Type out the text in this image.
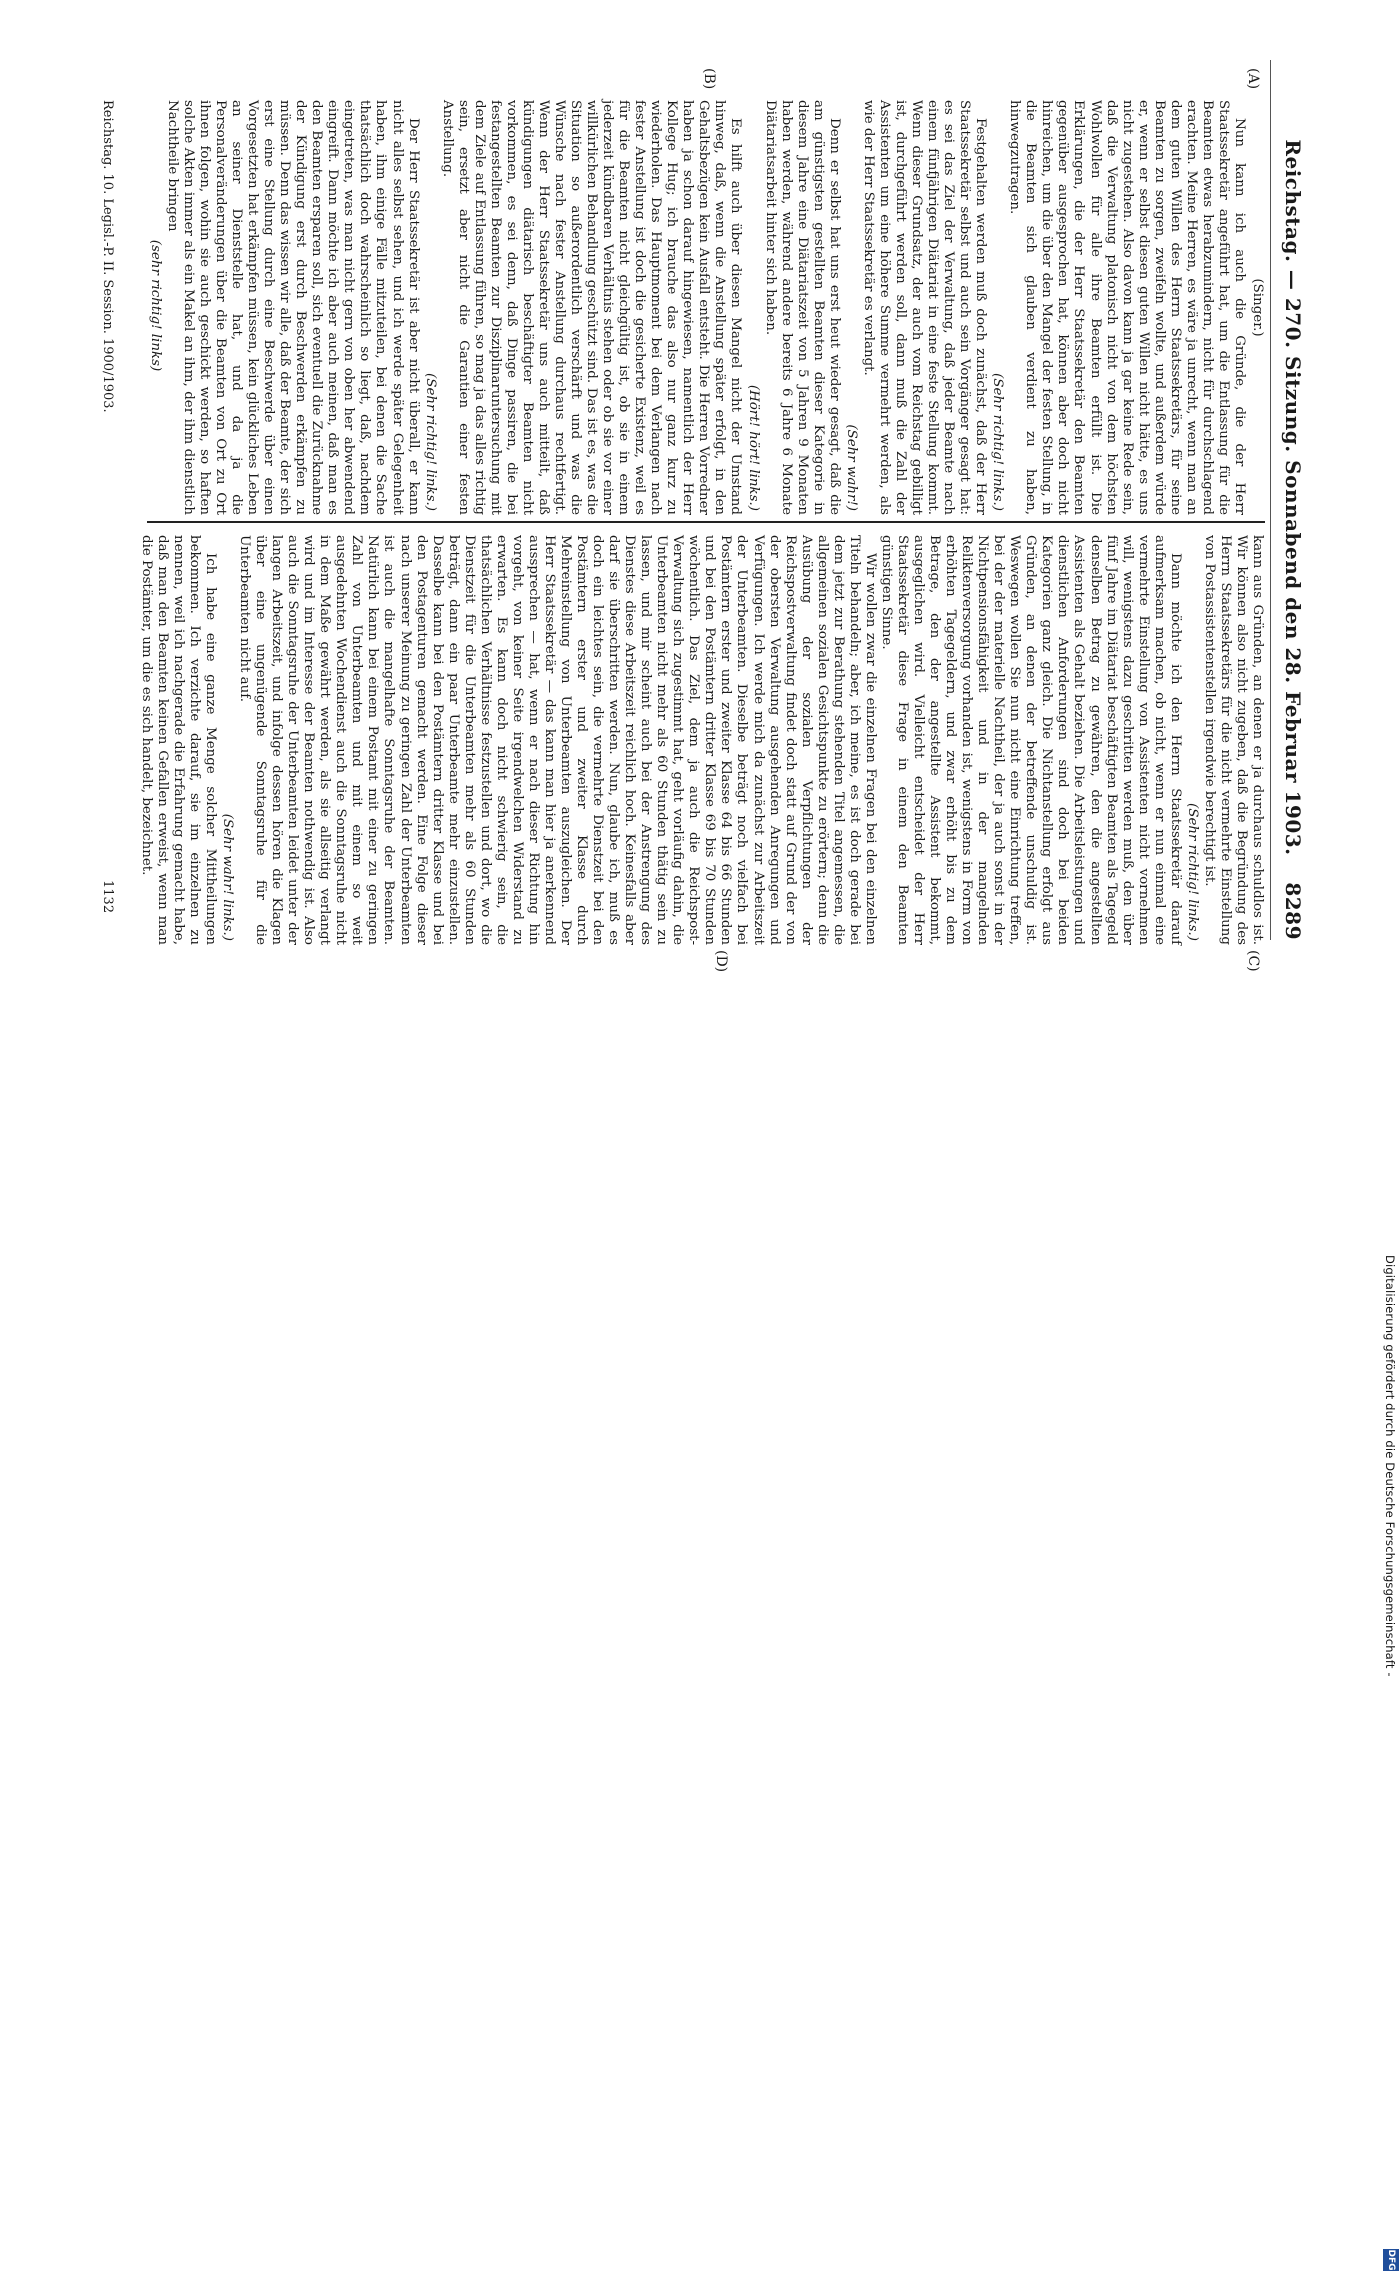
Reichstag. — 270. Sitzung. Sonnabend den 28. Februar 1903.
8289
(A)
(B)
(C)
(D)
(Singer.)

Nun kann ich auch die Gründe, die der Herr Staatssekretär angeführt hat, um die Entlassung für die Beamten etwas herabzumindern, nicht für durchschlagend erachten. Meine Herren, es wäre ja unrecht, wenn man an dem guten Willen des Herrn Staatssekretärs, für seine Beamten zu sorgen, zweifeln wollte, und außerdem würde er, wenn er selbst diesen guten Willen nicht hätte, es uns nicht zugestehen. Also davon kann ja gar keine Rede sein, daß die Verwaltung platonisch nicht von dem höchsten Wohlwollen für alle ihre Beamten erfüllt ist. Die Erklärungen, die der Herr Staatssekretär den Beamten gegenüber ausgesprochen hat, können aber doch nicht hinreichen, um die über den Mangel der festen Stellung, in die Beamten sich glauben verdient zu haben, hinwegzutragen.

(Sehr richtig! links.)

Festgehalten werden muß doch zunächst, daß der Herr Staatssekretär selbst und auch sein Vorgänger gesagt hat: es sei das Ziel der Verwaltung, daß jeder Beamte nach einem fünfjährigen Diätariat in eine feste Stellung kommt. Wenn dieser Grundsatz, der auch vom Reichstag gebilligt ist, durchgeführt werden soll, dann muß die Zahl der Assistenten um eine höhere Summe vermehrt werden, als wie der Herr Staatssekretär es verlangt.

(Sehr wahr!)

Denn er selbst hat uns erst heut wieder gesagt, daß die am günstigsten gestellten Beamten dieser Kategorie in diesem Jahre eine Diätariatszeit von 5 Jahren 9 Monaten haben werden, während andere bereits 6 Jahre 6 Monate Diätariatsarbeit hinter sich haben.

(Hört! hört! links.)

Es hilft auch über diesen Mangel nicht der Umstand hinweg, daß, wenn die Anstellung später erfolgt, in den Gehaltsbezügen kein Ausfall entsteht. Die Herren Vorredner haben ja schon darauf hingewiesen, namentlich der Herr Kollege Hug; ich brauche das also nur ganz kurz zu wiederholen. Das Hauptmoment bei dem Verlangen nach fester Anstellung ist doch die gesicherte Existenz, weil es für die Beamten nicht gleichgültig ist, ob sie in einem jederzeit kündbaren Verhältnis stehen oder ob sie vor einer willkürlichen Behandlung geschützt sind. Das ist es, was die Situation so außerordentlich verschärft und was die Wünsche nach fester Anstellung durchaus rechtfertigt. Wenn der Herr Staatssekretär uns auch mitteilt, daß kündigungen diätarisch beschäftigter Beamten nicht vorkommen, es sei denn, daß Dinge passiren, die bei festangestellten Beamten zur Disziplinaruntersuchung mit dem Ziele auf Entlassung führen, so mag ja das alles richtig sein, ersetzt aber nicht die Garantien einer festen Anstellung.

(Sehr richtig! links.)

Der Herr Staatssekretär ist aber nicht überall, er kann nicht alles selbst sehen, und ich werde später Gelegenheit haben, ihm einige Fälle mitzuteilen, bei denen die Sache thatsächlich doch wahrscheinlich so liegt, daß, nachdem eingetreten, was man nicht gern von oben her abwendend eingreift. Dann möchte ich aber auch meinen, daß man es den Beamten ersparen soll, sich eventuell die Zurücknahme der Kündigung erst durch Beschwerden erkämpfen zu müssen. Denn das wissen wir alle, daß der Beamte, der sich erst eine Stellung durch eine Beschwerde über einen Vorgesetzten hat erkämpfen müssen, kein glückliches Leben an seiner Dienststelle hat, und da ja die Personalveränderungen über die Beamten von Ort zu Ort ihnen folgen, wohin sie auch geschickt werden, so haften solche Akten immer als ein Makel an ihm, der ihm dienstlich Nachtheile bringen

(sehr richtig! links)

kann aus Gründen, an denen er ja durchaus schuldlos ist. Wir können also nicht zugeben, daß die Begründung des Herrn Staatssekretärs für die nicht vermehrte Einstellung von Postassistentenstellen irgendwie berechtigt ist.

(Sehr richtig! links.)

Dann möchte ich den Herrn Staatssekretär darauf aufmerksam machen, ob nicht, wenn er nun einmal eine vermehrte Einstellung von Assistenten nicht vornehmen will, wenigstens dazu geschritten werden muß, den über fünf Jahre im Diätariat beschäftigten Beamten als Tagegeld denselben Betrag zu gewähren, den die angestellten Assistenten als Gehalt beziehen. Die Arbeitsleistungen und dienstlichen Anforderungen sind doch bei beiden Kategorien ganz gleich. Die Nichtanstellung erfolgt aus Gründen, an denen der betreffende unschuldig ist. Weswegen wollen Sie nun nicht eine Einrichtung treffen, bei der der materielle Nachtheil, der ja auch sonst in der Nichtpensionsfähigkeit und in der mangelnden Reliktenversorgung vorhanden ist, wenigstens in Form von erhöhten Tagegeldern, und zwar erhöht bis zu dem Betrage, den der angestellte Assistent bekommt, ausgeglichen wird. Vielleicht entscheidet der Herr Staatssekretär diese Frage in einem den Beamten günstigen Sinne.

Wir wollen zwar die einzelnen Fragen bei den einzelnen Titeln behandeln; aber, ich meine, es ist doch gerade bei dem jetzt zur Berathung stehenden Titel angemessen, die allgemeinen sozialen Gesichtspunkte zu erörtern; denn die Ausübung der sozialen Verpflichtungen der Reichspostverwaltung findet doch statt auf Grund der von der obersten Verwaltung ausgehenden Anregungen und Verfügungen. Ich werde mich da zunächst zur Arbeitszeit der Unterbeamten. Dieselbe beträgt noch vielfach bei Postämtern erster und zweiter Klasse 64 bis 66 Stunden und bei den Postämtern dritter Klasse 69 bis 70 Stunden wöchentlich. Das Ziel, dem ja auch die Reichspost-Verwaltung sich zugestimmt hat, geht vorläufig dahin, die Unterbeamten nicht mehr als 60 Stunden thätig sein zu lassen, und mir scheint auch bei der Anstrengung des Dienstes diese Arbeitszeit reichlich hoch. Keinesfalls aber darf sie überschritten werden. Nun, glaube ich, muß es doch ein leichtes sein, die vermehrte Dienstzeit bei den Postämtern erster und zweiter Klasse durch Mehreinstellung von Unterbeamten auszugleichen. Der Herr Staatssekretär — das kann man hier ja anerkennend aussprechen — hat, wenn er nach dieser Richtung hin vorgeht, von keiner Seite irgendwelchen Widerstand zu erwarten. Es kann doch nicht schwierig sein, die thatsächlichen Verhältnisse festzustellen und dort, wo die Dienstzeit für die Unterbeamten mehr als 60 Stunden beträgt, dann ein paar Unterbeamte mehr einzustellen. Dasselbe kann bei den Postämtern dritter Klasse und bei den Postagenturen gemacht werden. Eine Folge dieser nach unserer Meinung zu geringen Zahl der Unterbeamten ist auch die mangelhafte Sonntagsruhe der Beamten. Natürlich kann bei einem Postamt mit einer zu geringen Zahl von Unterbeamten und mit einem so weit ausgedehnten Wochendienst auch die Sonntagsruhe nicht in dem Maße gewährt werden, als sie allseitig verlangt wird und im Interesse der Beamten nothwendig ist. Also auch die Sonntagsruhe der Unterbeamten leidet unter der langen Arbeitszeit, und infolge dessen hören die Klagen über eine ungenügende Sonntagsruhe für die Unterbeamten nicht auf.

(Sehr wahr! links.)

Ich habe eine ganze Menge solcher Mittheilungen bekommen. Ich verzichte darauf, sie im einzelnen zu nennen, weil ich nachgerade die Erfahrung gemacht habe, daß man den Beamten keinen Gefallen erweist, wenn man die Postämter, um die es sich handelt, bezeichnet.

Reichstag. 10. Legisl.-P. II. Session. 1900/1903.
1132
Digitalisierung gefördert durch die Deutsche Forschungsgemeinschaft -
DFG
